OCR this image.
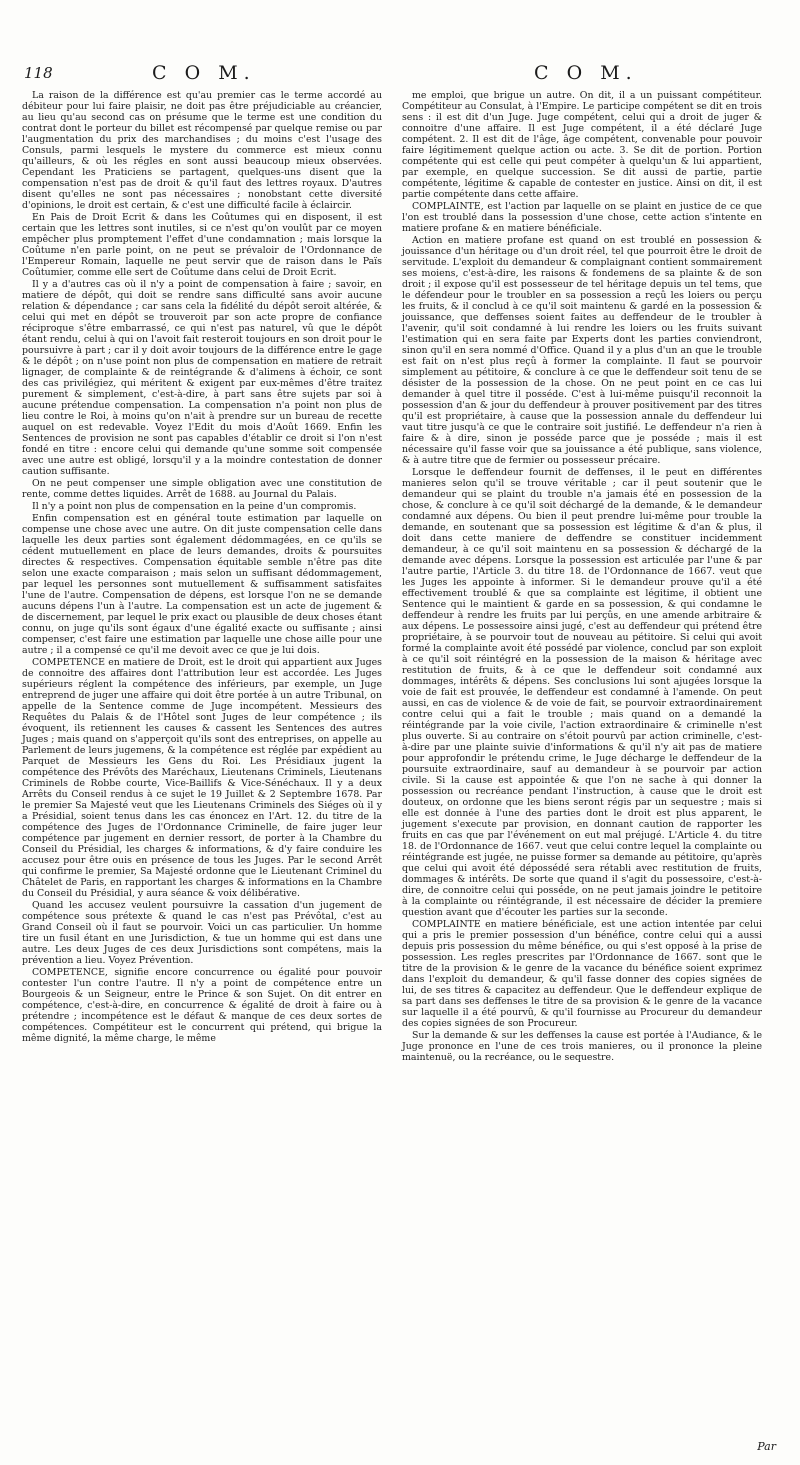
118	C O M.	C O M.

La raison de la différence est qu'au premier cas le terme accordé au débiteur pour lui faire plaisir, ne doit pas être préjudiciable au créancier, au lieu qu'au second cas on présume que le terme est une condition du contrat dont le porteur du billet est récompensé par quelque remise ou par l'augmentation du prix des marchandises ; du moins c'est l'usage des Consuls, parmi lesquels le mystere du commerce est mieux connu qu'ailleurs, & où les régles en sont aussi beaucoup mieux observées. Cependant les Praticiens se partagent, quelques-uns disent que la compensation n'est pas de droit & qu'il faut des lettres royaux. D'autres disent qu'elles ne sont pas nécessaires ; nonobstant cette diversité d'opinions, le droit est certain, & c'est une difficulté facile à éclaircir.

En Pais de Droit Ecrit & dans les Coûtumes qui en disposent, il est certain que les lettres sont inutiles, si ce n'est qu'on voulût par ce moyen empêcher plus promptement l'effet d'une condamnation ; mais lorsque la Coûtume n'en parle point, on ne peut se prévaloir de l'Ordonnance de l'Empereur Romain, laquelle ne peut servir que de raison dans le Païs Coûtumier, comme elle sert de Coûtume dans celui de Droit Ecrit.

Il y a d'autres cas où il n'y a point de compensation à faire ; savoir, en matiere de dépôt, qui doit se rendre sans difficulté sans avoir aucune relation & dépendance ; car sans cela la fidélité du dépôt seroit altérée, & celui qui met en dépôt se trouveroit par son acte propre de confiance réciproque s'être embarrassé, ce qui n'est pas naturel, vû que le dépôt étant rendu, celui à qui on l'avoit fait resteroit toujours en son droit pour le poursuivre à part ; car il y doit avoir toujours de la différence entre le gage & le dépôt ; on n'use point non plus de compensation en matiere de retrait lignager, de complainte & de reintégrande & d'alimens à échoir, ce sont des cas privilégiez, qui méritent & exigent par eux-mêmes d'être traitez purement & simplement, c'est-à-dire, à part sans être sujets par soi à aucune prétendue compensation. La compensation n'a point non plus de lieu contre le Roi, à moins qu'on n'ait à prendre sur un bureau de recette auquel on est redevable. Voyez l'Edit du mois d'Août 1669. Enfin les Sentences de provision ne sont pas capables d'établir ce droit si l'on n'est fondé en titre : encore celui qui demande qu'une somme soit compensée avec une autre est obligé, lorsqu'il y a la moindre contestation de donner caution suffisante.

On ne peut compenser une simple obligation avec une constitution de rente, comme dettes liquides. Arrêt de 1688. au Journal du Palais.

Il n'y a point non plus de compensation en la peine d'un compromis.

Enfin compensation est en général toute estimation par laquelle on compense une chose avec une autre. On dit juste compensation celle dans laquelle les deux parties sont également dédommagées, en ce qu'ils se cédent mutuellement en place de leurs demandes, droits & poursuites directes & respectives. Compensation équitable semble n'être pas dite selon une exacte comparaison ; mais selon un suffisant dédommagement, par lequel les personnes sont mutuellement & suffisamment satisfaites l'une de l'autre. Compensation de dépens, est lorsque l'on ne se demande aucuns dépens l'un à l'autre. La compensation est un acte de jugement & de discernement, par lequel le prix exact ou plausible de deux choses étant connu, on juge qu'ils sont égaux d'une égalité exacte ou suffisante ; ainsi compenser, c'est faire une estimation par laquelle une chose aille pour une autre ; il a compensé ce qu'il me devoit avec ce que je lui dois.

COMPETENCE en matiere de Droit, est le droit qui appartient aux Juges de connoitre des affaires dont l'attribution leur est accordée. Les Juges supérieurs réglent la compétence des inférieurs, par exemple, un Juge entreprend de juger une affaire qui doit être portée à un autre Tribunal, on appelle de la Sentence comme de Juge incompétent. Messieurs des Requêtes du Palais & de l'Hôtel sont Juges de leur compétence ; ils évoquent, ils retiennent les causes & cassent les Sentences des autres Juges ; mais quand on s'apperçoit qu'ils sont des entreprises, on appelle au Parlement de leurs jugemens, & la compétence est réglée par expédient au Parquet de Messieurs les Gens du Roi. Les Présidiaux jugent la compétence des Prévôts des Maréchaux, Lieutenans Criminels, Lieutenans Criminels de Robbe courte, Vice-Baillifs & Vice-Sénéchaux. Il y a deux Arrêts du Conseil rendus à ce sujet le 19 Juillet & 2 Septembre 1678. Par le premier Sa Majesté veut que les Lieutenans Criminels des Siéges où il y a Présidial, soient tenus dans les cas énoncez en l'Art. 12. du titre de la compétence des Juges de l'Ordonnance Criminelle, de faire juger leur compétence par jugement en dernier ressort, de porter à la Chambre du Conseil du Présidial, les charges & informations, & d'y faire conduire les accusez pour être ouis en présence de tous les Juges. Par le second Arrêt qui confirme le premier, Sa Majesté ordonne que le Lieutenant Criminel du Châtelet de Paris, en rapportant les charges & informations en la Chambre du Conseil du Présidial, y aura séance & voix délibérative.

Quand les accusez veulent poursuivre la cassation d'un jugement de compétence sous prétexte & quand le cas n'est pas Prévôtal, c'est au Grand Conseil où il faut se pourvoir. Voici un cas particulier. Un homme tire un fusil étant en une Jurisdiction, & tue un homme qui est dans une autre. Les deux Juges de ces deux Jurisdictions sont compétens, mais la prévention a lieu. Voyez Prévention.

COMPETENCE, signifie encore concurrence ou égalité pour pouvoir contester l'un contre l'autre. Il n'y a point de compétence entre un Bourgeois & un Seigneur, entre le Prince & son Sujet. On dit entrer en compétence, c'est-à-dire, en concurrence & égalité de droit à faire ou à prétendre ; incompétence est le défaut & manque de ces deux sortes de compétences. Compétiteur est le concurrent qui prétend, qui brigue la même dignité, la même charge, le même

me emploi, que brigue un autre. On dit, il a un puissant compétiteur. Compétiteur au Consulat, à l'Empire. Le participe compétent se dit en trois sens : il est dit d'un Juge. Juge compétent, celui qui a droit de juger & connoitre d'une affaire. Il est Juge compétent, il a été déclaré Juge compétent. 2. Il est dit de l'âge, âge compétent, convenable pour pouvoir faire légitimement quelque action ou acte. 3. Se dit de portion. Portion compétente qui est celle qui peut compéter à quelqu'un & lui appartient, par exemple, en quelque succession. Se dit aussi de partie, partie compétente, légitime & capable de contester en justice. Ainsi on dit, il est partie compétente dans cette affaire.

COMPLAINTE, est l'action par laquelle on se plaint en justice de ce que l'on est troublé dans la possession d'une chose, cette action s'intente en matiere profane & en matiere bénéficiale.

Action en matiere profane est quand on est troublé en possession & jouissance d'un héritage ou d'un droit réel, tel que pourroit être le droit de servitude. L'exploit du demandeur & complaignant contient sommairement ses moiens, c'est-à-dire, les raisons & fondemens de sa plainte & de son droit ; il expose qu'il est possesseur de tel héritage depuis un tel tems, que le défendeur pour le troubler en sa possession a reçû les loiers ou perçu les fruits, & il conclud à ce qu'il soit maintenu & gardé en la possession & jouissance, que deffenses soient faites au deffendeur de le troubler à l'avenir, qu'il soit condamné à lui rendre les loiers ou les fruits suivant l'estimation qui en sera faite par Experts dont les parties conviendront, sinon qu'il en sera nommé d'Office. Quand il y a plus d'un an que le trouble est fait on n'est plus reçû à former la complainte. Il faut se pourvoir simplement au pétitoire, & conclure à ce que le deffendeur soit tenu de se désister de la possession de la chose. On ne peut point en ce cas lui demander à quel titre il posséde. C'est à lui-même puisqu'il reconnoit la possession d'an & jour du deffendeur à prouver positivement par des titres qu'il est propriétaire, à cause que la possession annale du deffendeur lui vaut titre jusqu'à ce que le contraire soit justifié. Le deffendeur n'a rien à faire & à dire, sinon je posséde parce que je posséde ; mais il est nécessaire qu'il fasse voir que sa jouissance a été publique, sans violence, & à autre titre que de fermier ou possesseur précaire.

Lorsque le deffendeur fournit de deffenses, il le peut en différentes manieres selon qu'il se trouve véritable ; car il peut soutenir que le demandeur qui se plaint du trouble n'a jamais été en possession de la chose, & conclure à ce qu'il soit déchargé de la demande, & le demandeur condamné aux dépens. Ou bien il peut prendre lui-même pour trouble la demande, en soutenant que sa possession est légitime & d'an & plus, il doit dans cette maniere de deffendre se constituer incidemment demandeur, à ce qu'il soit maintenu en sa possession & déchargé de la demande avec dépens. Lorsque la possession est articulée par l'une & par l'autre partie, l'Article 3. du titre 18. de l'Ordonnance de 1667. veut que les Juges les appointe à informer. Si le demandeur prouve qu'il a été effectivement troublé & que sa complainte est légitime, il obtient une Sentence qui le maintient & garde en sa possession, & qui condamne le deffendeur à rendre les fruits par lui perçûs, en une amende arbitraire & aux dépens. Le possessoire ainsi jugé, c'est au deffendeur qui prétend être propriétaire, à se pourvoir tout de nouveau au pétitoire. Si celui qui avoit formé la complainte avoit été possédé par violence, conclud par son exploit à ce qu'il soit réintégré en la possession de la maison & héritage avec restitution de fruits, & à ce que le deffendeur soit condamné aux dommages, intérêts & dépens. Ses conclusions lui sont ajugées lorsque la voie de fait est prouvée, le deffendeur est condamné à l'amende. On peut aussi, en cas de violence & de voie de fait, se pourvoir extraordinairement contre celui qui a fait le trouble ; mais quand on a demandé la réintégrande par la voie civile, l'action extraordinaire & criminelle n'est plus ouverte. Si au contraire on s'étoit pourvû par action criminelle, c'est-à-dire par une plainte suivie d'informations & qu'il n'y ait pas de matiere pour approfondir le prétendu crime, le Juge décharge le deffendeur de la poursuite extraordinaire, sauf au demandeur à se pourvoir par action civile. Si la cause est appointée & que l'on ne sache à qui donner la possession ou recréance pendant l'instruction, à cause que le droit est douteux, on ordonne que les biens seront régis par un sequestre ; mais si elle est donnée à l'une des parties dont le droit est plus apparent, le jugement s'execute par provision, en donnant caution de rapporter les fruits en cas que par l'événement on eut mal préjugé. L'Article 4. du titre 18. de l'Ordonnance de 1667. veut que celui contre lequel la complainte ou réintégrande est jugée, ne puisse former sa demande au pétitoire, qu'après que celui qui avoit été dépossédé sera rétabli avec restitution de fruits, dommages & intérêts. De sorte que quand il s'agit du possessoire, c'est-à-dire, de connoitre celui qui posséde, on ne peut jamais joindre le petitoire à la complainte ou réintégrande, il est nécessaire de décider la premiere question avant que d'écouter les parties sur la seconde.

COMPLAINTE en matiere bénéficiale, est une action intentée par celui qui a pris le premier possession d'un bénéfice, contre celui qui a aussi depuis pris possession du même bénéfice, ou qui s'est opposé à la prise de possession. Les regles prescrites par l'Ordonnance de 1667. sont que le titre de la provision & le genre de la vacance du bénéfice soient exprimez dans l'exploit du demandeur, & qu'il fasse donner des copies signées de lui, de ses titres & capacitez au deffendeur. Que le deffendeur explique de sa part dans ses deffenses le titre de sa provision & le genre de la vacance sur laquelle il a été pourvû, & qu'il fournisse au Procureur du demandeur des copies signées de son Procureur.

Sur la demande & sur les deffenses la cause est portée à l'Audiance, & le Juge prononce en l'une de ces trois manieres, ou il prononce la pleine maintenuë, ou la recréance, ou le sequestre.

Par
